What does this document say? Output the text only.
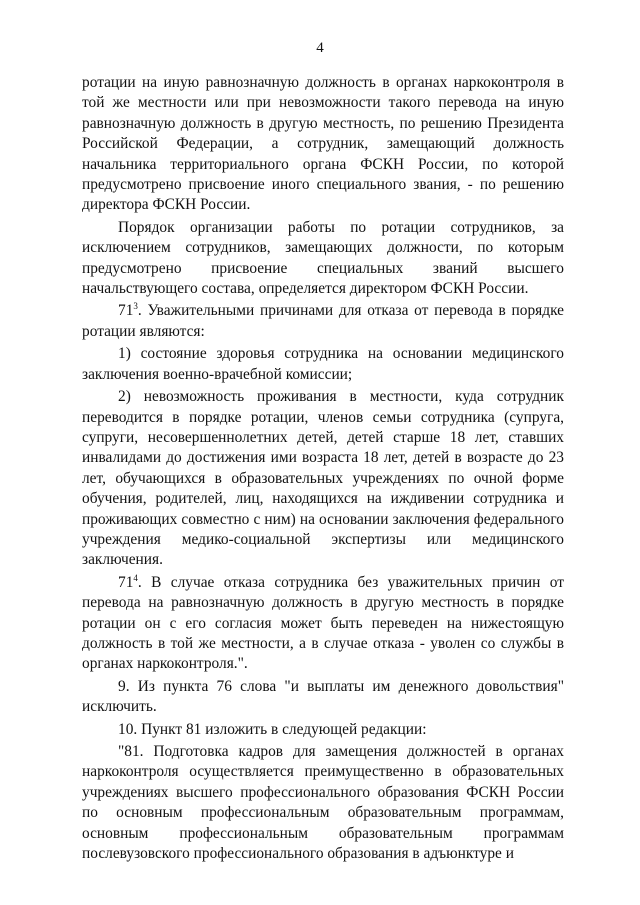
4

ротации на иную равнозначную должность в органах наркоконтроля в той же местности или при невозможности такого перевода на иную равнозначную должность в другую местность, по решению Президента Российской Федерации, а сотрудник, замещающий должность начальника территориального органа ФСКН России, по которой предусмотрено присвоение иного специального звания, - по решению директора ФСКН России.

Порядок организации работы по ротации сотрудников, за исключением сотрудников, замещающих должности, по которым предусмотрено присвоение специальных званий высшего начальствующего состава, определяется директором ФСКН России.

$71^3$. Уважительными причинами для отказа от перевода в порядке ротации являются:

1) состояние здоровья сотрудника на основании медицинского заключения военно-врачебной комиссии;

2) невозможность проживания в местности, куда сотрудник переводится в порядке ротации, членов семьи сотрудника (супруга, супруги, несовершеннолетних детей, детей старше 18 лет, ставших инвалидами до достижения ими возраста 18 лет, детей в возрасте до 23 лет, обучающихся в образовательных учреждениях по очной форме обучения, родителей, лиц, находящихся на иждивении сотрудника и проживающих совместно с ним) на основании заключения федерального учреждения медико-социальной экспертизы или медицинского заключения.

$71^4$. В случае отказа сотрудника без уважительных причин от перевода на равнозначную должность в другую местность в порядке ротации он с его согласия может быть переведен на нижестоящую должность в той же местности, а в случае отказа - уволен со службы в органах наркоконтроля.".

9. Из пункта 76 слова "и выплаты им денежного довольствия" исключить.

10. Пункт 81 изложить в следующей редакции:

"81. Подготовка кадров для замещения должностей в органах наркоконтроля осуществляется преимущественно в образовательных учреждениях высшего профессионального образования ФСКН России по основным профессиональным образовательным программам, основным профессиональным образовательным программам послевузовского профессионального образования в адъюнктуре и
